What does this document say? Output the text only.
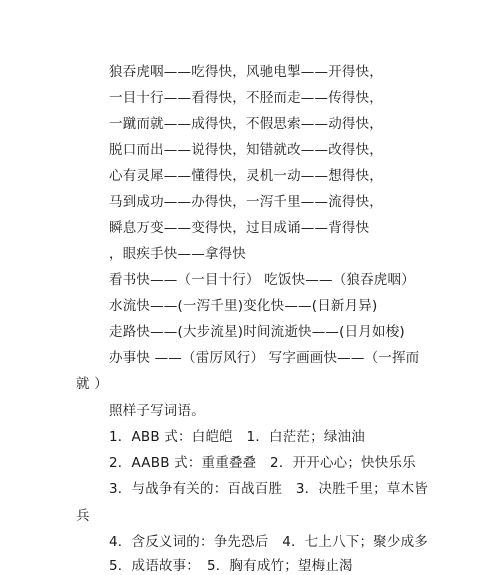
狼吞虎咽——吃得快，风驰电掣——开得快，
一目十行——看得快，不胫而走——传得快，
一蹴而就——成得快，不假思索——动得快，
脱口而出——说得快，知错就改——改得快，
心有灵犀——懂得快，灵机一动——想得快，
马到成功——办得快，一泻千里——流得快，
瞬息万变——变得快，过目成诵——背得快
，眼疾手快——拿得快
看书快——（一目十行） 吃饭快——（狼吞虎咽）
水流快——(一泻千里)变化快——(日新月异)
走路快——(大步流星)时间流逝快——(日月如梭)
办事快 ——（雷厉风行） 写字画画快——（一挥而
就 ）
照样子写词语。
1．ABB 式：白皑皑　1．白茫茫；绿油油
2．AABB 式：重重叠叠　2．开开心心；快快乐乐
3．与战争有关的：百战百胜　3．决胜千里；草木皆
兵
4．含反义词的：争先恐后　4．七上八下；聚少成多
5．成语故事：　5．胸有成竹；望梅止渴
